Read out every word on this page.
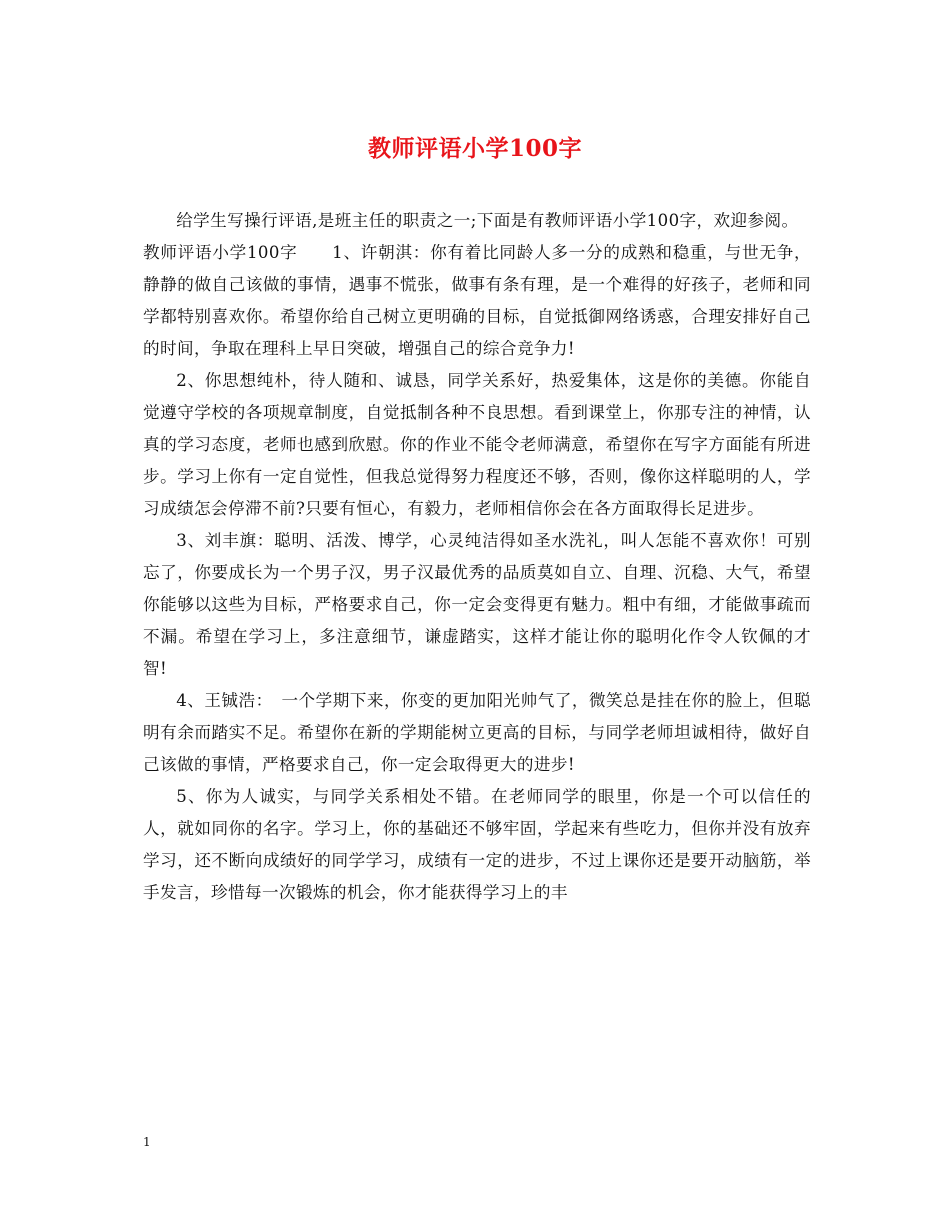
教师评语小学100字

给学生写操行评语,是班主任的职责之一;下面是有教师评语小学100字，欢迎参阅。

教师评语小学100字　　1、许朝淇：你有着比同龄人多一分的成熟和稳重，与世无争，静静的做自己该做的事情，遇事不慌张，做事有条有理，是一个难得的好孩子，老师和同学都特别喜欢你。希望你给自己树立更明确的目标，自觉抵御网络诱惑，合理安排好自己的时间，争取在理科上早日突破，增强自己的综合竞争力!

2、你思想纯朴，待人随和、诚恳，同学关系好，热爱集体，这是你的美德。你能自觉遵守学校的各项规章制度，自觉抵制各种不良思想。看到课堂上，你那专注的神情，认真的学习态度，老师也感到欣慰。你的作业不能令老师满意，希望你在写字方面能有所进步。学习上你有一定自觉性，但我总觉得努力程度还不够，否则，像你这样聪明的人，学习成绩怎会停滞不前?只要有恒心，有毅力，老师相信你会在各方面取得长足进步。

3、刘丰旗：聪明、活泼、博学，心灵纯洁得如圣水洗礼，叫人怎能不喜欢你！可别忘了，你要成长为一个男子汉，男子汉最优秀的品质莫如自立、自理、沉稳、大气，希望你能够以这些为目标，严格要求自己，你一定会变得更有魅力。粗中有细，才能做事疏而不漏。希望在学习上，多注意细节，谦虚踏实，这样才能让你的聪明化作令人钦佩的才智!

4、王铖浩：　一个学期下来，你变的更加阳光帅气了，微笑总是挂在你的脸上，但聪明有余而踏实不足。希望你在新的学期能树立更高的目标，与同学老师坦诚相待，做好自己该做的事情，严格要求自己，你一定会取得更大的进步!

5、你为人诚实，与同学关系相处不错。在老师同学的眼里，你是一个可以信任的人，就如同你的名字。学习上，你的基础还不够牢固，学起来有些吃力，但你并没有放弃学习，还不断向成绩好的同学学习，成绩有一定的进步，不过上课你还是要开动脑筋，举手发言，珍惜每一次锻炼的机会，你才能获得学习上的丰

1
